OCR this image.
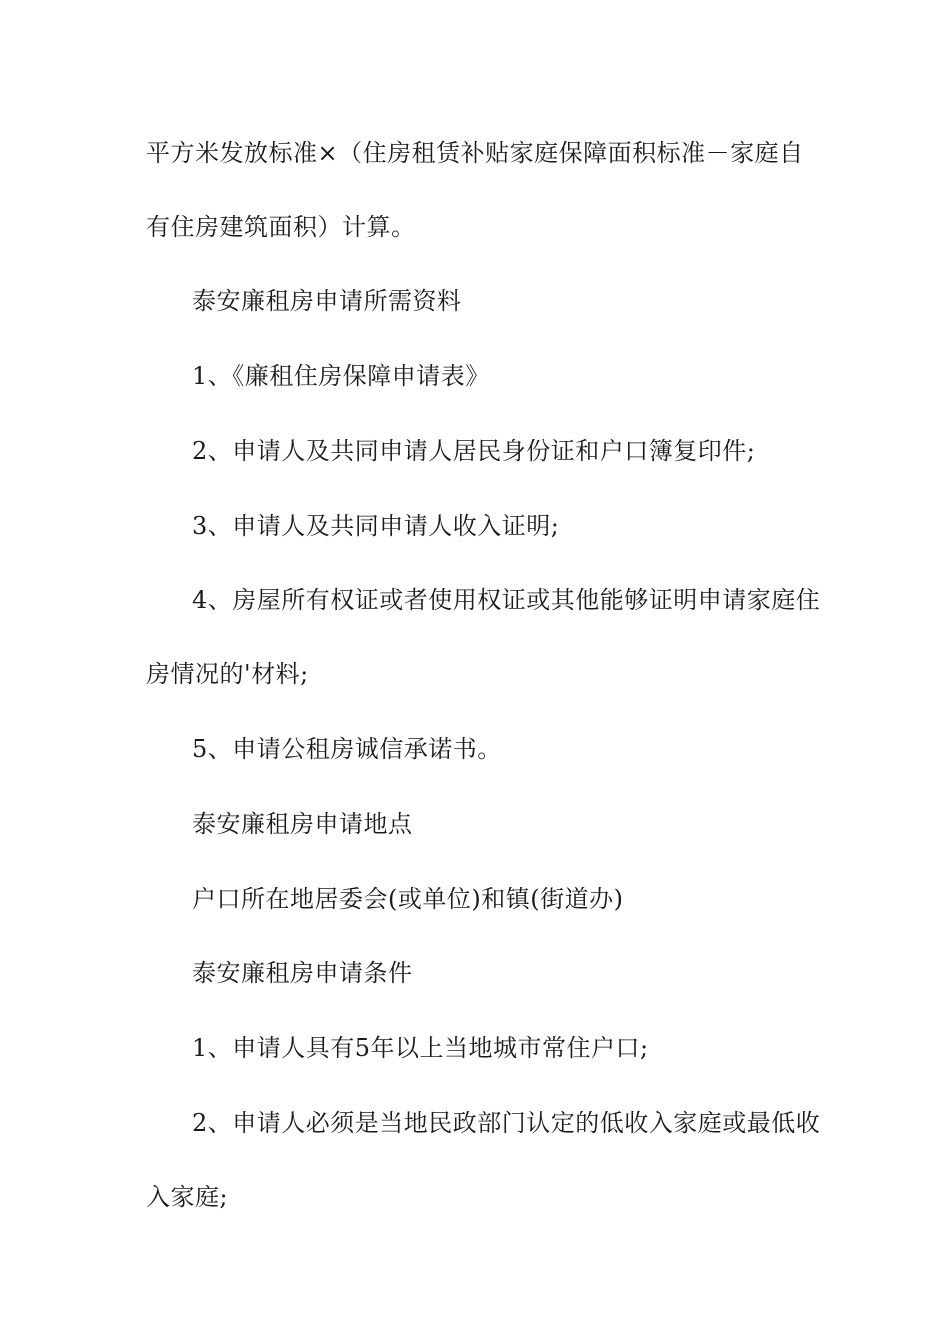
平方米发放标准×（住房租赁补贴家庭保障面积标准－家庭自
有住房建筑面积）计算。
泰安廉租房申请所需资料
1、《廉租住房保障申请表》
2、申请人及共同申请人居民身份证和户口簿复印件;
3、申请人及共同申请人收入证明;
4、房屋所有权证或者使用权证或其他能够证明申请家庭住
房情况的'材料;
5、申请公租房诚信承诺书。
泰安廉租房申请地点
户口所在地居委会(或单位)和镇(街道办)
泰安廉租房申请条件
1、申请人具有5年以上当地城市常住户口;
2、申请人必须是当地民政部门认定的低收入家庭或最低收
入家庭;
